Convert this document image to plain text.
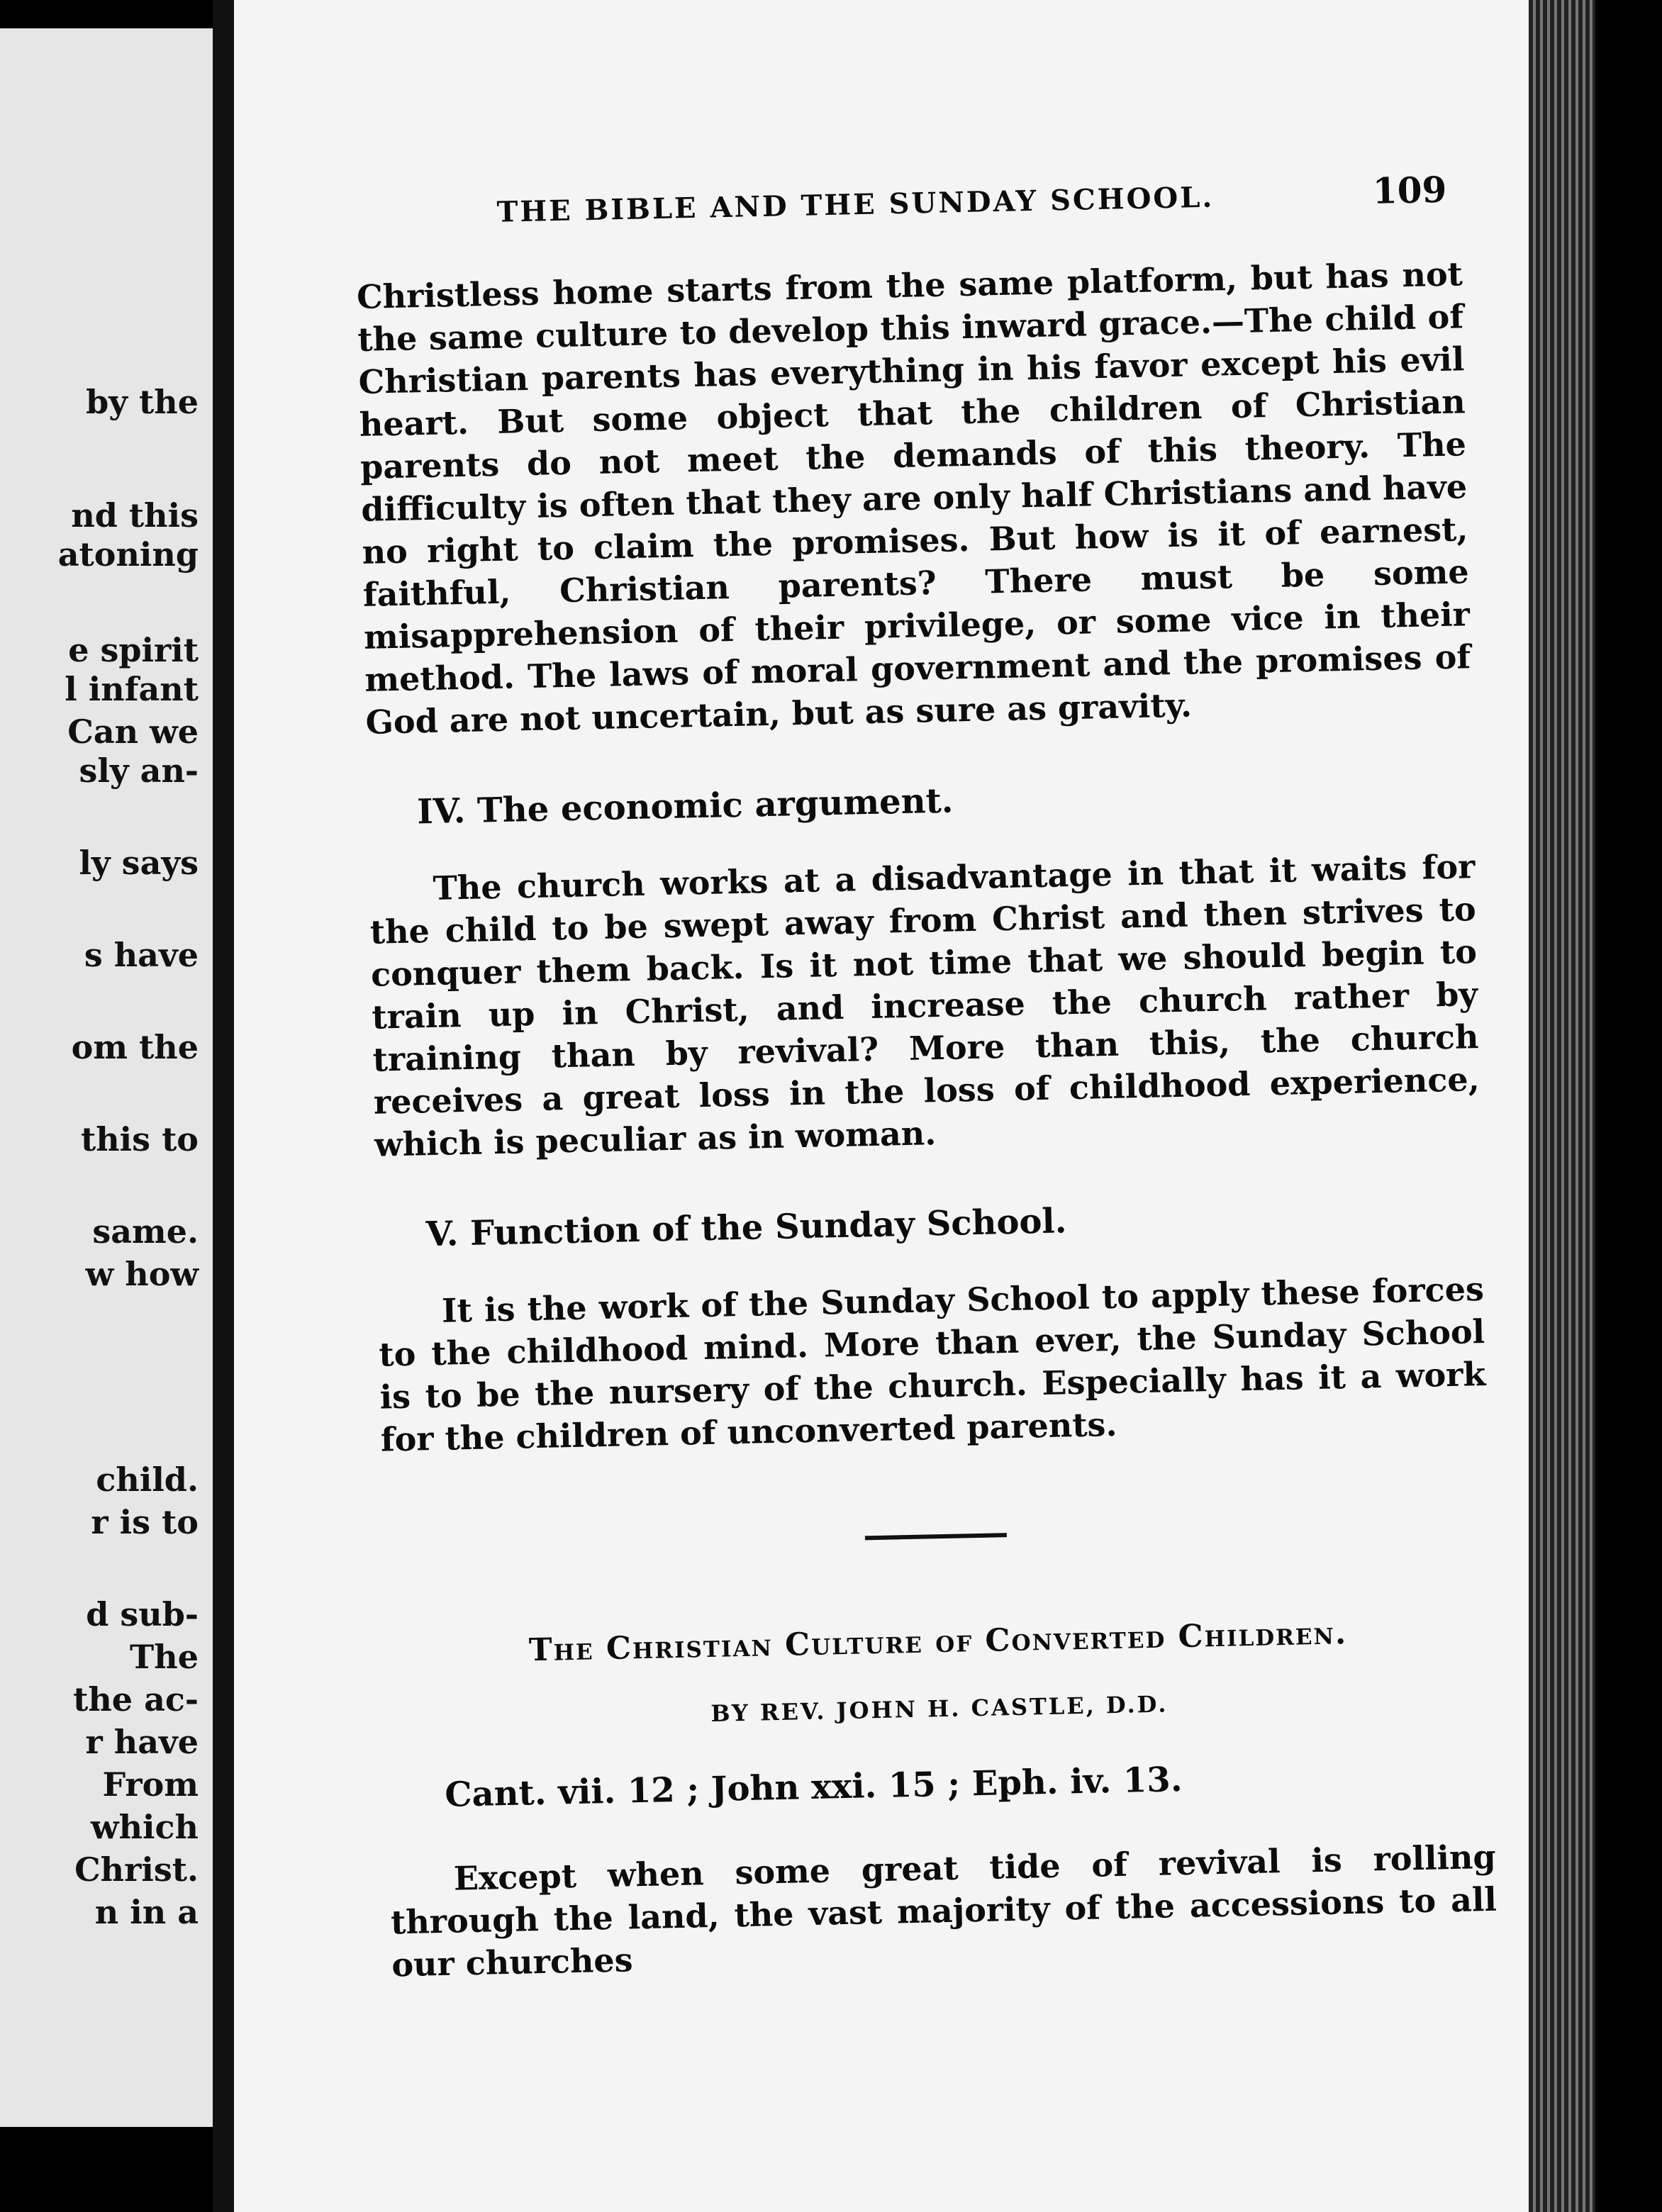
by the
nd this
atoning
e spirit
l infant
Can we
sly an-
ly says
s have
om the
this to
same.
w how
child.
r is to
d sub-
The
the ac-
r have
From
which
Christ.
n in a
THE BIBLE AND THE SUNDAY SCHOOL.	109

Christless home starts from the same platform, but has not the same culture to develop this inward grace.—The child of Christian parents has everything in his favor except his evil heart. But some object that the children of Christian parents do not meet the demands of this theory. The difficulty is often that they are only half Christians and have no right to claim the promises. But how is it of earnest, faithful, Christian parents? There must be some misapprehension of their privilege, or some vice in their method. The laws of moral government and the promises of God are not uncertain, but as sure as gravity.

IV. The economic argument.

The church works at a disadvantage in that it waits for the child to be swept away from Christ and then strives to conquer them back. Is it not time that we should begin to train up in Christ, and increase the church rather by training than by revival? More than this, the church receives a great loss in the loss of childhood experience, which is peculiar as in woman.

V. Function of the Sunday School.

It is the work of the Sunday School to apply these forces to the childhood mind. More than ever, the Sunday School is to be the nursery of the church. Especially has it a work for the children of unconverted parents.

The Christian Culture of Converted Children.
BY REV. JOHN H. CASTLE, D.D.
Cant. vii. 12 ; John xxi. 15 ; Eph. iv. 13.

Except when some great tide of revival is rolling through the land, the vast majority of the accessions to all our churches
